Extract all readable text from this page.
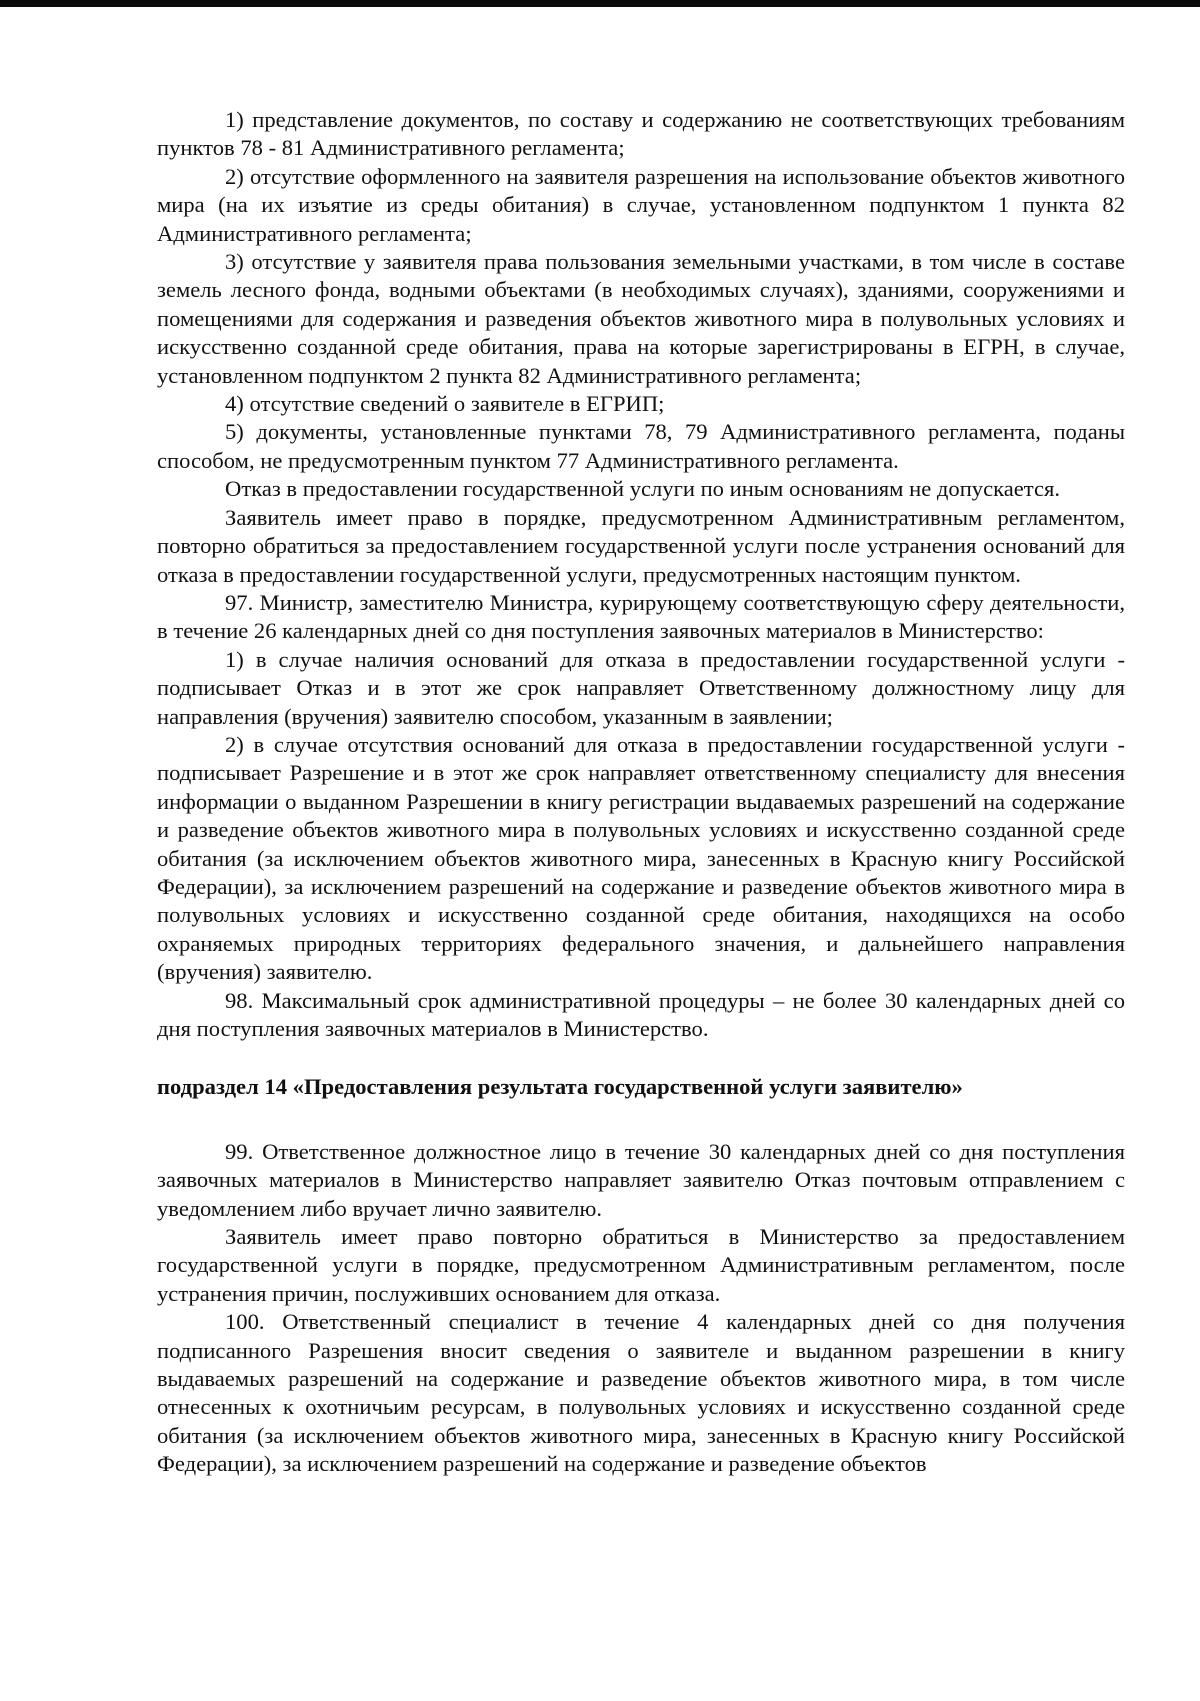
1) представление документов, по составу и содержанию не соответствующих требованиям пунктов 78 - 81 Административного регламента;

2) отсутствие оформленного на заявителя разрешения на использование объектов животного мира (на их изъятие из среды обитания) в случае, установленном подпунктом 1 пункта 82 Административного регламента;

3) отсутствие у заявителя права пользования земельными участками, в том числе в составе земель лесного фонда, водными объектами (в необходимых случаях), зданиями, сооружениями и помещениями для содержания и разведения объектов животного мира в полувольных условиях и искусственно созданной среде обитания, права на которые зарегистрированы в ЕГРН, в случае, установленном подпунктом 2 пункта 82 Административного регламента;

4) отсутствие сведений о заявителе в ЕГРИП;

5) документы, установленные пунктами 78, 79 Административного регламента, поданы способом, не предусмотренным пунктом 77 Административного регламента.

Отказ в предоставлении государственной услуги по иным основаниям не допускается.

Заявитель имеет право в порядке, предусмотренном Административным регламентом, повторно обратиться за предоставлением государственной услуги после устранения оснований для отказа в предоставлении государственной услуги, предусмотренных настоящим пунктом.

97. Министр, заместителю Министра, курирующему соответствующую сферу деятельности, в течение 26 календарных дней со дня поступления заявочных материалов в Министерство:

1) в случае наличия оснований для отказа в предоставлении государственной услуги - подписывает Отказ и в этот же срок направляет Ответственному должностному лицу для направления (вручения) заявителю способом, указанным в заявлении;

2) в случае отсутствия оснований для отказа в предоставлении государственной услуги - подписывает Разрешение и в этот же срок направляет ответственному специалисту для внесения информации о выданном Разрешении в книгу регистрации выдаваемых разрешений на содержание и разведение объектов животного мира в полувольных условиях и искусственно созданной среде обитания (за исключением объектов животного мира, занесенных в Красную книгу Российской Федерации), за исключением разрешений на содержание и разведение объектов животного мира в полувольных условиях и искусственно созданной среде обитания, находящихся на особо охраняемых природных территориях федерального значения, и дальнейшего направления (вручения) заявителю.

98. Максимальный срок административной процедуры – не более 30 календарных дней со дня поступления заявочных материалов в Министерство.

подраздел 14 «Предоставления результата государственной услуги заявителю»

99. Ответственное должностное лицо в течение 30 календарных дней со дня поступления заявочных материалов в Министерство направляет заявителю Отказ почтовым отправлением с уведомлением либо вручает лично заявителю.

Заявитель имеет право повторно обратиться в Министерство за предоставлением государственной услуги в порядке, предусмотренном Административным регламентом, после устранения причин, послуживших основанием для отказа.

100. Ответственный специалист в течение 4 календарных дней со дня получения подписанного Разрешения вносит сведения о заявителе и выданном разрешении в книгу выдаваемых разрешений на содержание и разведение объектов животного мира, в том числе отнесенных к охотничьим ресурсам, в полувольных условиях и искусственно созданной среде обитания (за исключением объектов животного мира, занесенных в Красную книгу Российской Федерации), за исключением разрешений на содержание и разведение объектов
